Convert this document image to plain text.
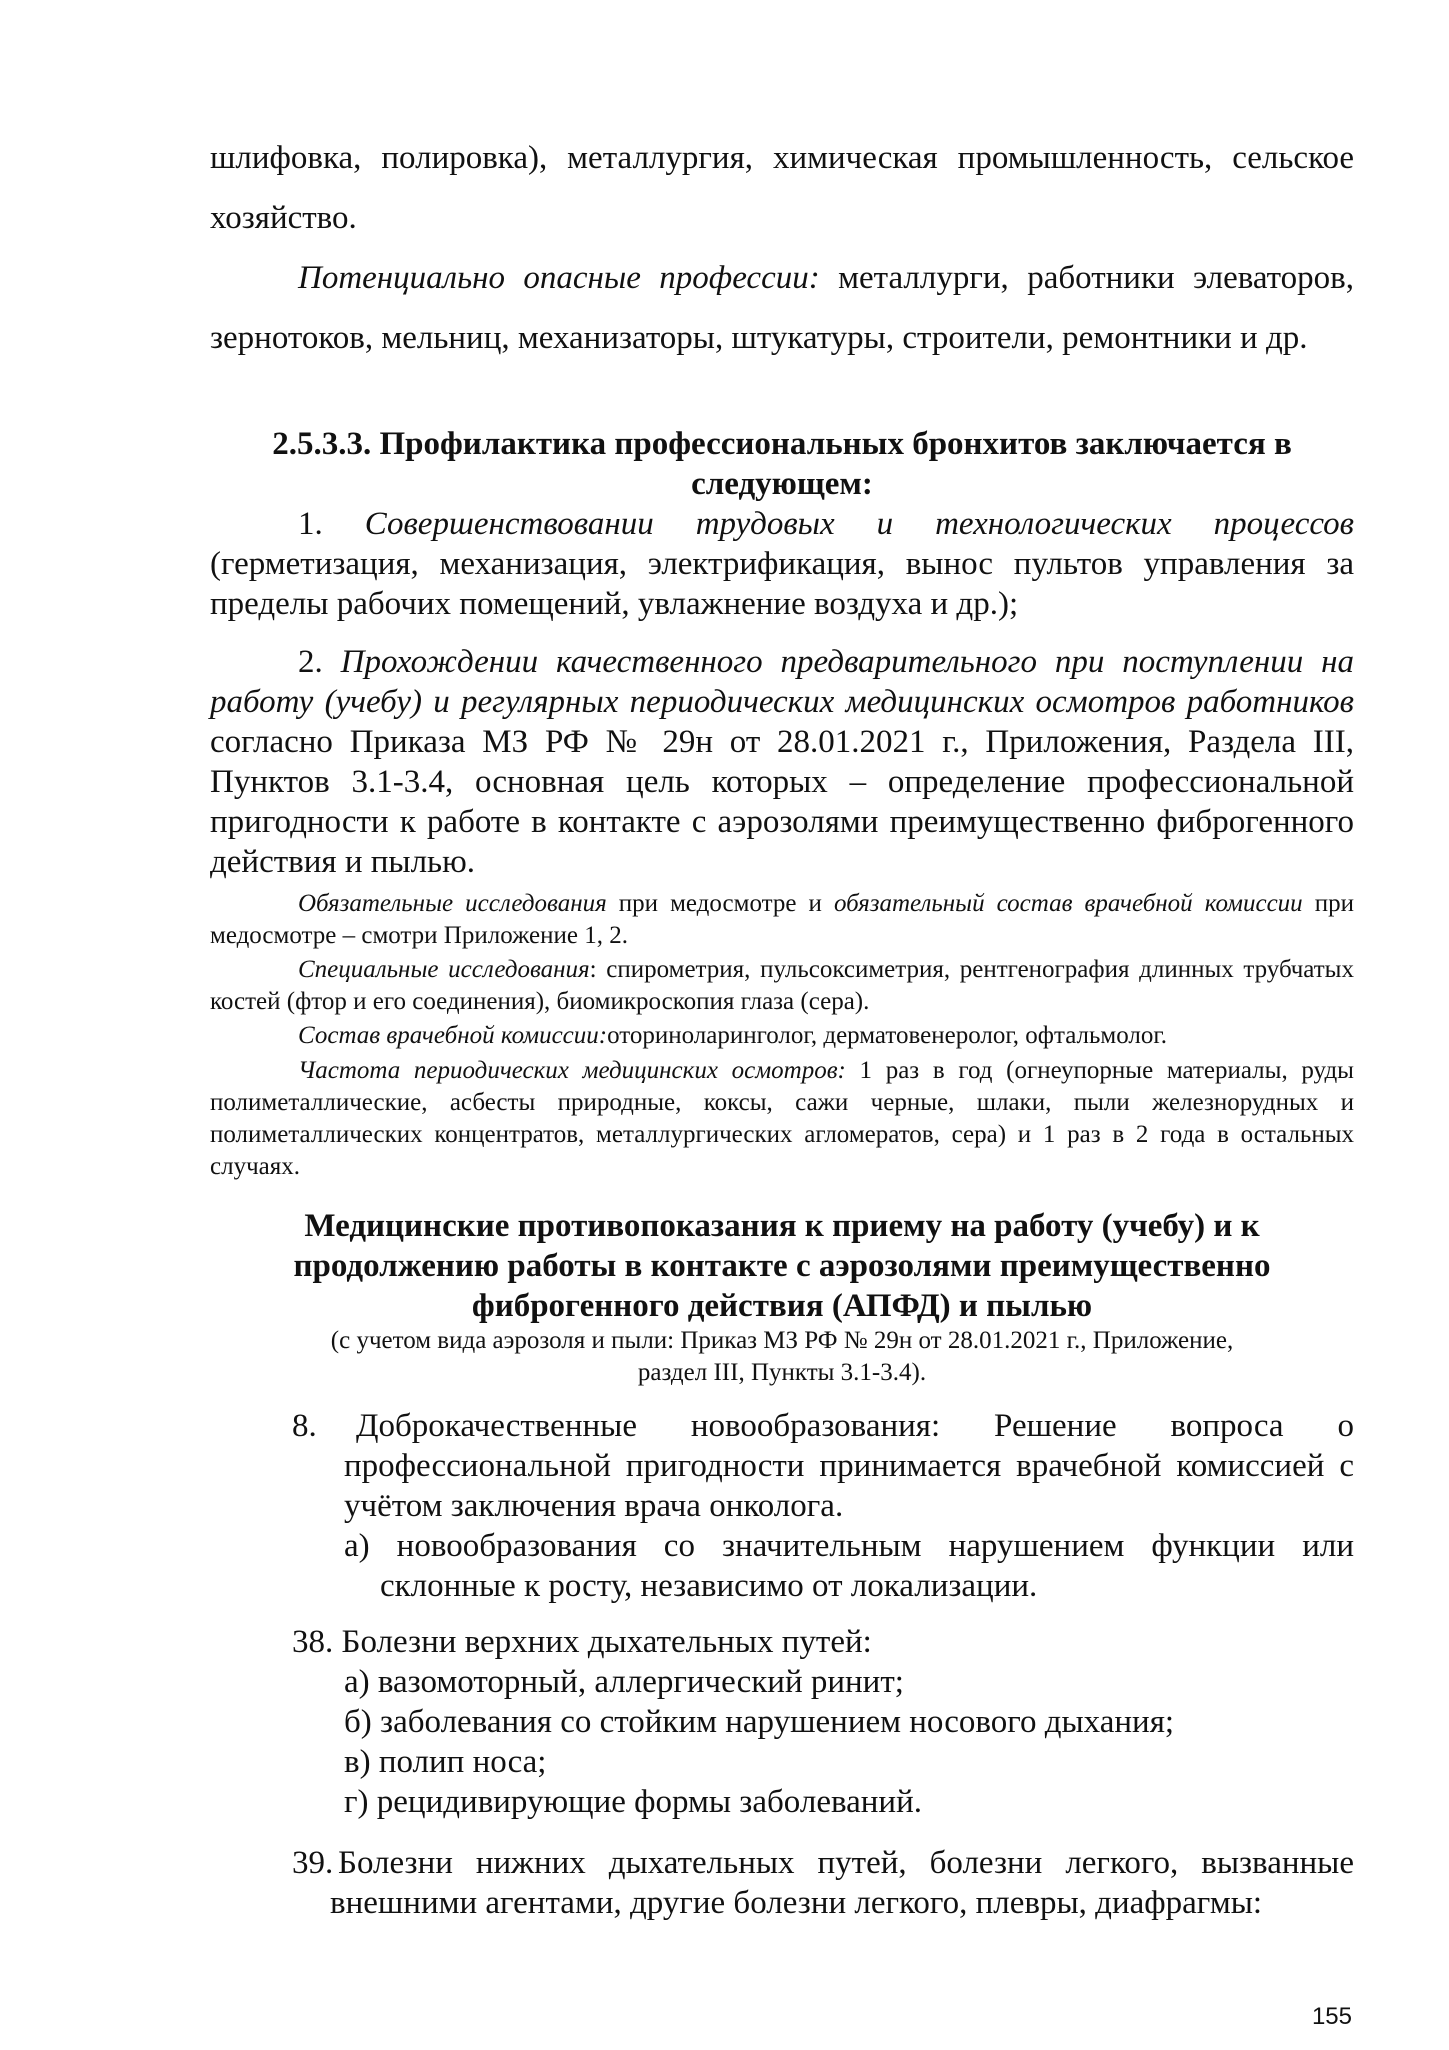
шлифовка, полировка), металлургия, химическая промышленность, сельское хозяйство.

Потенциально опасные профессии: металлурги, работники элеваторов, зернотоков, мельниц, механизаторы, штукатуры, строители, ремонтники и др.

2.5.3.3. Профилактика профессиональных бронхитов заключается в
следующем:

1. Совершенствовании трудовых и технологических процессов (герметизация, механизация, электрификация, вынос пультов управления за пределы рабочих помещений, увлажнение воздуха и др.);

2. Прохождении качественного предварительного при поступлении на работу (учебу) и регулярных периодических медицинских осмотров работников согласно Приказа МЗ РФ № 29н от 28.01.2021 г., Приложения, Раздела III, Пунктов 3.1-3.4, основная цель которых – определение профессиональной пригодности к работе в контакте с аэрозолями преимущественно фиброгенного действия и пылью.

Обязательные исследования при медосмотре и обязательный состав врачебной комиссии при медосмотре – смотри Приложение 1, 2.

Специальные исследования: спирометрия, пульсоксиметрия, рентгенография длинных трубчатых костей (фтор и его соединения), биомикроскопия глаза (сера).

Состав врачебной комиссии:оториноларинголог, дерматовенеролог, офтальмолог.

Частота периодических медицинских осмотров: 1 раз в год (огнеупорные материалы, руды полиметаллические, асбесты природные, коксы, сажи черные, шлаки, пыли железнорудных и полиметаллических концентратов, металлургических агломератов, сера) и 1 раз в 2 года в остальных случаях.

Медицинские противопоказания к приему на работу (учебу) и к
продолжению работы в контакте с аэрозолями преимущественно
фиброгенного действия (АПФД) и пылью
(с учетом вида аэрозоля и пыли: Приказ МЗ РФ № 29н от 28.01.2021 г., Приложение,
раздел III, Пункты 3.1-3.4).
8.	Доброкачественные новообразования: Решение вопроса о профессиональной пригодности принимается врачебной комиссией с учётом заключения врача онколога.

а) новообразования со значительным нарушением функции или склонные к росту, независимо от локализации.

38. Болезни верхних дыхательных путей:

а) вазомоторный, аллергический ринит;

б) заболевания со стойким нарушением носового дыхания;

в) полип носа;

г) рецидивирующие формы заболеваний.

39. Болезни нижних дыхательных путей, болезни легкого, вызванные внешними агентами, другие болезни легкого, плевры, диафрагмы:

155
